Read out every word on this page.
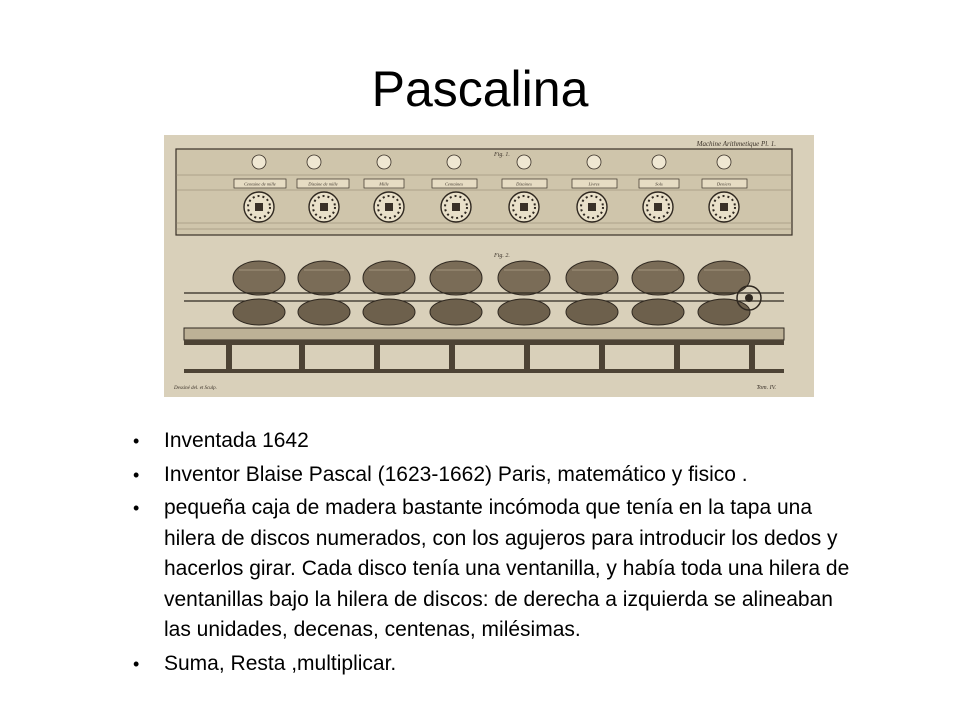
Pascalina
Machine Arithmetique Pl. 1.
Fig. 1.
Centaine de mille	Dizaine de mille	Mille	Centaines	Dizaines	Livres	Sols	Deniers
Fig. 2.
Dessiné del. et Sculp.	Tom. IV.
• Inventada 1642
• Inventor Blaise Pascal (1623-1662) Paris, matemático y fisico .
• pequeña caja de madera bastante incómoda que tenía en la tapa una hilera de discos numerados, con los agujeros para introducir los dedos y hacerlos girar. Cada disco tenía una ventanilla, y había toda una hilera de ventanillas bajo la hilera de discos: de derecha a izquierda se alineaban las unidades, decenas, centenas, milésimas.
• Suma, Resta ,multiplicar.
